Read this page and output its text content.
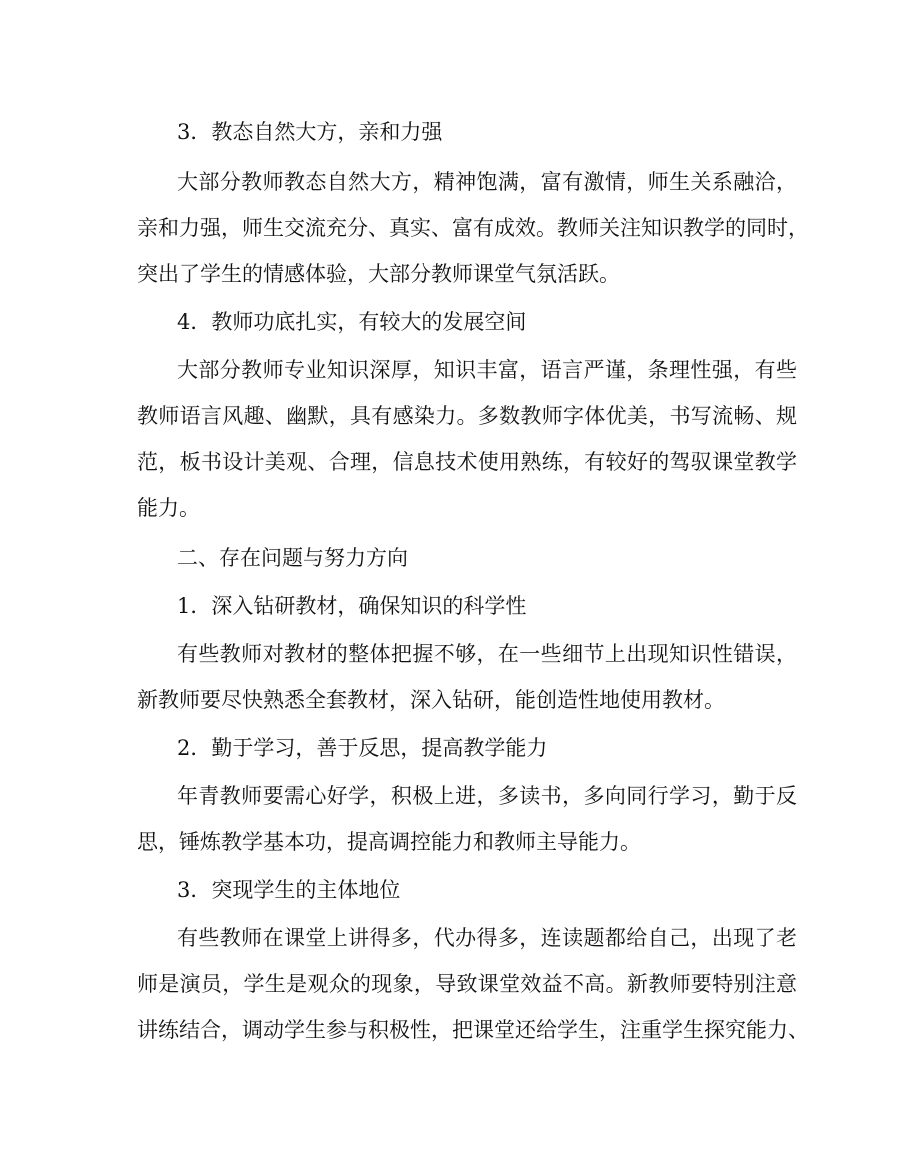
3．教态自然大方，亲和力强
大部分教师教态自然大方，精神饱满，富有激情，师生关系融洽，
亲和力强，师生交流充分、真实、富有成效。教师关注知识教学的同时，
突出了学生的情感体验，大部分教师课堂气氛活跃。
4．教师功底扎实，有较大的发展空间
大部分教师专业知识深厚，知识丰富，语言严谨，条理性强，有些
教师语言风趣、幽默，具有感染力。多数教师字体优美，书写流畅、规
范，板书设计美观、合理，信息技术使用熟练，有较好的驾驭课堂教学
能力。
二、存在问题与努力方向
1．深入钻研教材，确保知识的科学性
有些教师对教材的整体把握不够，在一些细节上出现知识性错误，
新教师要尽快熟悉全套教材，深入钻研，能创造性地使用教材。
2．勤于学习，善于反思，提高教学能力
年青教师要需心好学，积极上进，多读书，多向同行学习，勤于反
思，锤炼教学基本功，提高调控能力和教师主导能力。
3．突现学生的主体地位
有些教师在课堂上讲得多，代办得多，连读题都给自己，出现了老
师是演员，学生是观众的现象，导致课堂效益不高。新教师要特别注意
讲练结合，调动学生参与积极性，把课堂还给学生，注重学生探究能力、
